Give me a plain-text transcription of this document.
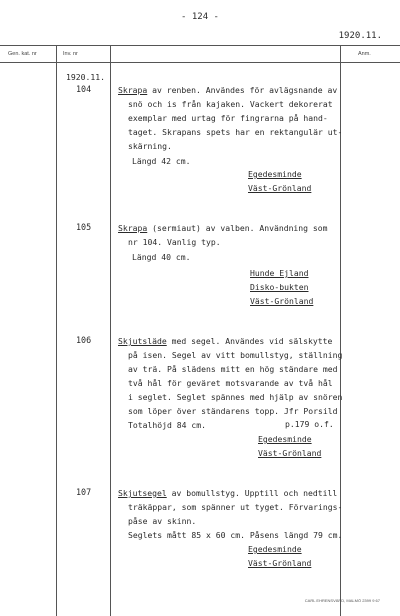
- 124 -
1920.11.
Gen. kat. nr	Inv. nr	Anm.
1920.11.
104	Skrapa av renben. Användes för avlägsnande av
snö och is från kajaken. Vackert dekorerat
exemplar med urtag för fingrarna på hand-
taget. Skrapans spets har en rektangulär ut-
skärning.
Längd 42 cm.
Egedesminde
Väst-Grönland
105	Skrapa (sermiaut) av valben. Användning som
nr 104. Vanlig typ.
Längd 40 cm.
Hunde Ejland
Disko-bukten
Väst-Grönland
106	Skjutsläde med segel. Användes vid sälskytte
på isen. Segel av vitt bomullstyg, ställning
av trä. På slädens mitt en hög ständare med
två hål för geväret motsvarande av två hål
i seglet. Seglet spännes med hjälp av snören
som löper över ständarens topp. Jfr Porsild
p.179 o.f.
Totalhöjd 84 cm.
Egedesminde
Väst-Grönland
107	Skjutsegel av bomullstyg. Upptill och nedtill
träkäppar, som spänner ut tyget. Förvarings-
påse av skinn.
Seglets mått 85 x 60 cm. Påsens längd 79 cm.
Egedesminde
Väst-Grönland
CARL EHRENSVÄRD, MALMÖ 2399 9 67
